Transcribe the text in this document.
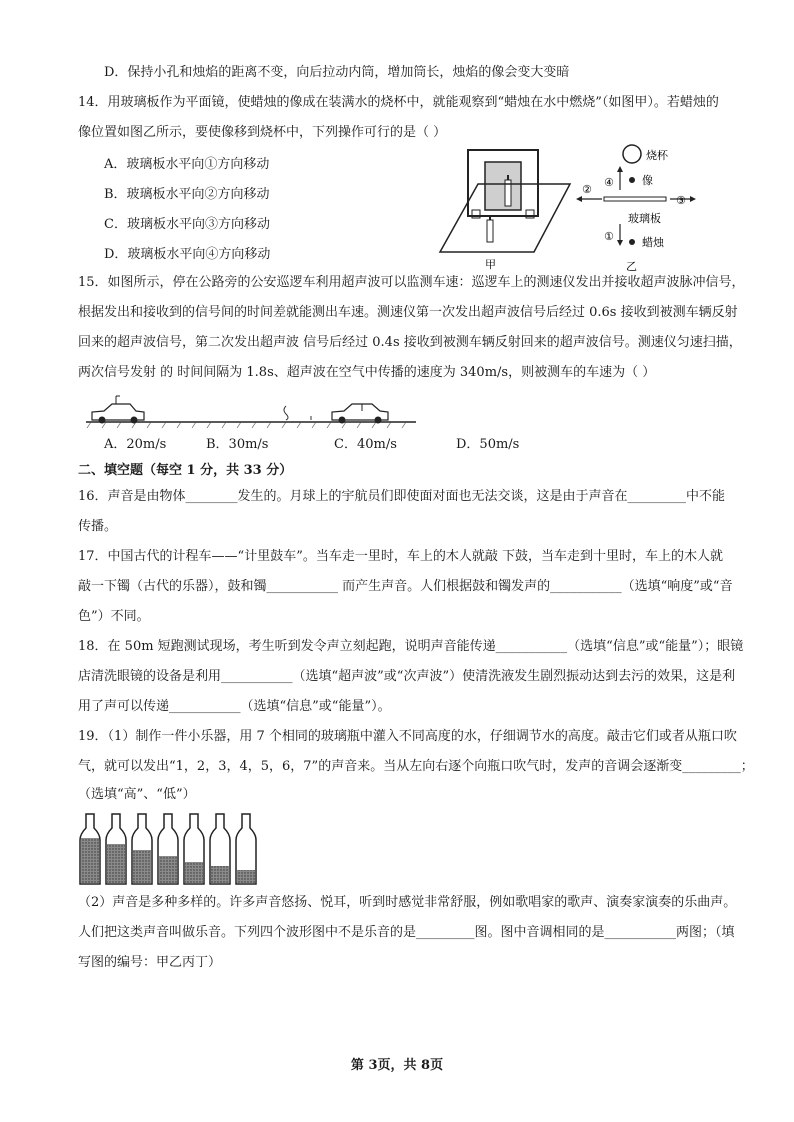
D．保持小孔和烛焰的距离不变，向后拉动内筒，增加筒长，烛焰的像会变大变暗
14．用玻璃板作为平面镜，使蜡烛的像成在装满水的烧杯中，就能观察到“蜡烛在水中燃烧”（如图甲）。若蜡烛的
像位置如图乙所示，要使像移到烧杯中，下列操作可行的是（ ）
A．玻璃板水平向①方向移动
B．玻璃板水平向②方向移动
C．玻璃板水平向③方向移动
D．玻璃板水平向④方向移动
甲
烧杯
像
④
②
③
玻璃板
①	蜡烛
乙
15．如图所示，停在公路旁的公安巡逻车利用超声波可以监测车速：巡逻车上的测速仪发出并接收超声波脉冲信号，
根据发出和接收到的信号间的时间差就能测出车速。测速仪第一次发出超声波信号后经过 0.6s 接收到被测车辆反射
回来的超声波信号，第二次发出超声波 信号后经过 0.4s 接收到被测车辆反射回来的超声波信号。测速仪匀速扫描，
两次信号发射 的 时间间隔为 1.8s、超声波在空气中传播的速度为 340m/s，则被测车的车速为（ ）
A．20m/s	B．30m/s	C．40m/s	D．50m/s
二、填空题（每空 1 分，共 33 分）
16．声音是由物体________发生的。月球上的宇航员们即使面对面也无法交谈，这是由于声音在_________中不能
传播。
17．中国古代的计程车——“计里鼓车”。当车走一里时，车上的木人就敲 下鼓，当车走到十里时，车上的木人就
敲一下镯（古代的乐器），鼓和镯___________ 而产生声音。人们根据鼓和镯发声的___________（选填“响度”或“音
色”）不同。
18．在 50m 短跑测试现场，考生听到发令声立刻起跑，说明声音能传递___________（选填“信息”或“能量”）；眼镜
店清洗眼镜的设备是利用___________（选填“超声波”或“次声波”）使清洗液发生剧烈振动达到去污的效果，这是利
用了声可以传递___________（选填“信息”或“能量”）。
19．（1）制作一件小乐器，用 7 个相同的玻璃瓶中灌入不同高度的水，仔细调节水的高度。敲击它们或者从瓶口吹
气，就可以发出“1，2，3，4，5，6，7”的声音来。当从左向右逐个向瓶口吹气时，发声的音调会逐渐变_________；
（选填“高”、“低”）
（2）声音是多种多样的。许多声音悠扬、悦耳，听到时感觉非常舒服，例如歌唱家的歌声、演奏家演奏的乐曲声。
人们把这类声音叫做乐音。下列四个波形图中不是乐音的是_________图。图中音调相同的是___________两图；（填
写图的编号：甲乙丙丁）
第 3页，共 8页
